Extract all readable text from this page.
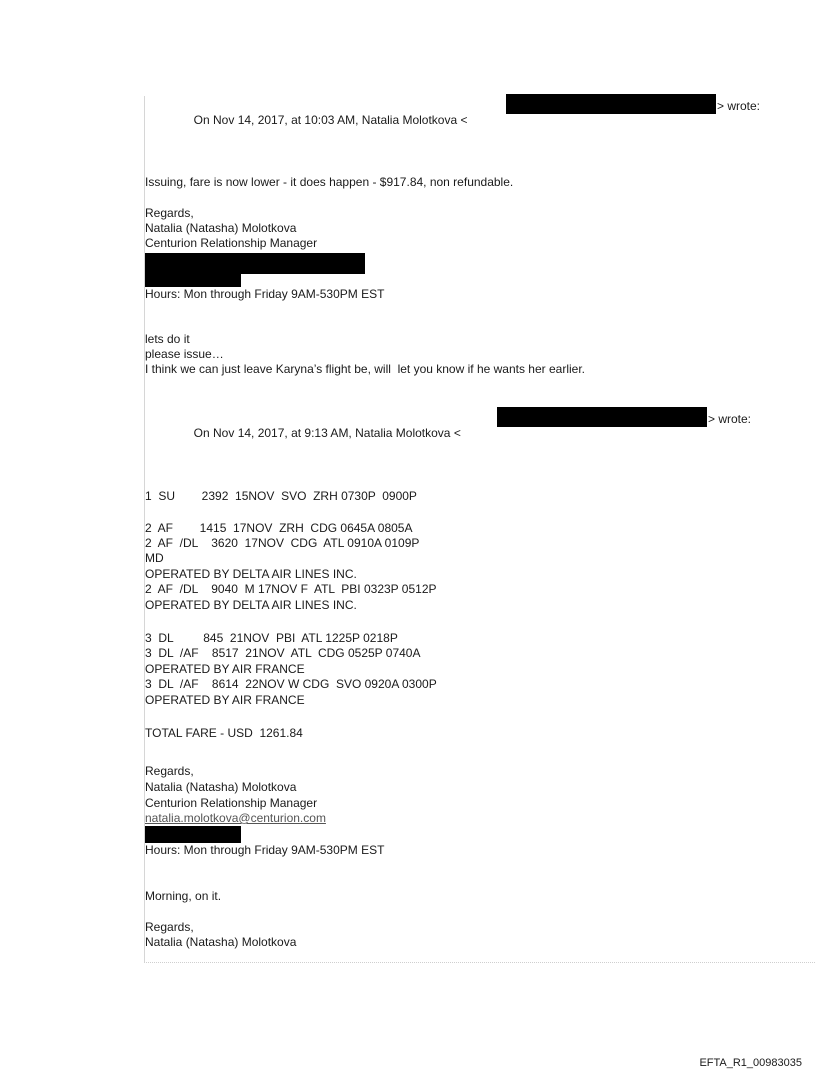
On Nov 14, 2017, at 10:03 AM, Natalia Molotkova <

> wrote:
Issuing, fare is now lower - it does happen - $917.84, non refundable.
Regards,
Natalia (Natasha) Molotkova
Centurion Relationship Manager
Hours: Mon through Friday 9AM-530PM EST
lets do it
please issue…
I think we can just leave Karyna’s flight be, will  let you know if he wants her earlier.

On Nov 14, 2017, at 9:13 AM, Natalia Molotkova <

> wrote:
1  SU        2392  15NOV  SVO  ZRH 0730P  0900P
2  AF        1415  17NOV  ZRH  CDG 0645A 0805A
2  AF  /DL    3620  17NOV  CDG  ATL 0910A 0109P
MD
OPERATED BY DELTA AIR LINES INC.
2  AF  /DL    9040  M 17NOV F  ATL  PBI 0323P 0512P
OPERATED BY DELTA AIR LINES INC.
3  DL         845  21NOV  PBI  ATL 1225P 0218P
3  DL  /AF    8517  21NOV  ATL  CDG 0525P 0740A
OPERATED BY AIR FRANCE
3  DL  /AF    8614  22NOV W CDG  SVO 0920A 0300P
OPERATED BY AIR FRANCE
TOTAL FARE - USD  1261.84
Regards,
Natalia (Natasha) Molotkova
Centurion Relationship Manager
natalia.molotkova@centurion.com
Hours: Mon through Friday 9AM-530PM EST
Morning, on it.
Regards,
Natalia (Natasha) Molotkova
EFTA_R1_00983035
